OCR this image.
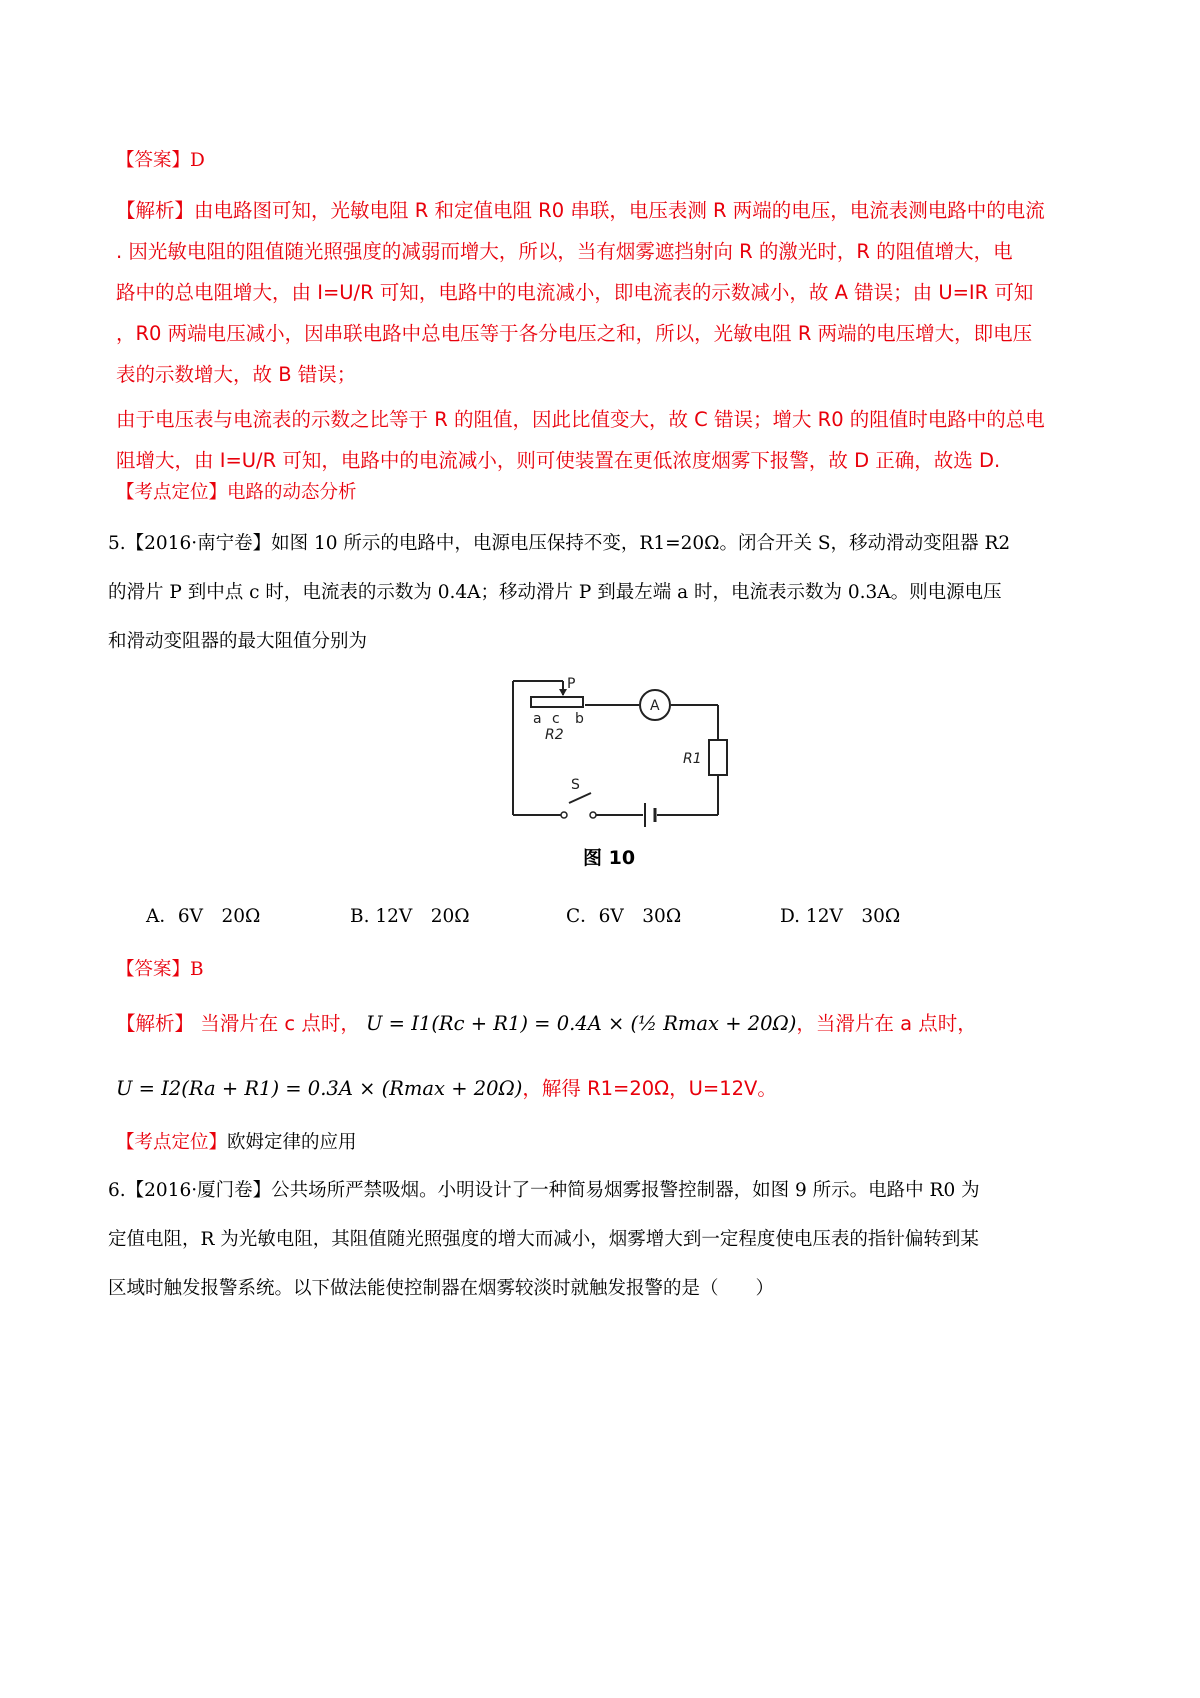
【答案】D
【解析】由电路图可知，光敏电阻 R 和定值电阻 R0 串联，电压表测 R 两端的电压，电流表测电路中的电流
. 因光敏电阻的阻值随光照强度的减弱而增大，所以，当有烟雾遮挡射向 R 的激光时，R 的阻值增大，电
路中的总电阻增大，由 I=U/R 可知，电路中的电流减小，即电流表的示数减小，故 A 错误；由 U=IR 可知
，R0 两端电压减小，因串联电路中总电压等于各分电压之和，所以，光敏电阻 R 两端的电压增大，即电压
表的示数增大，故 B 错误；
由于电压表与电流表的示数之比等于 R 的阻值，因此比值变大，故 C 错误；增大 R0 的阻值时电路中的总电
阻增大，由 I=U/R 可知，电路中的电流减小，则可使装置在更低浓度烟雾下报警，故 D 正确，故选 D.
【考点定位】电路的动态分析
5.【2016·南宁卷】如图 10 所示的电路中，电源电压保持不变，R1=20Ω。闭合开关 S，移动滑动变阻器 R2
的滑片 P 到中点 c 时，电流表的示数为 0.4A；移动滑片 P 到最左端 a 时，电流表示数为 0.3A。则电源电压
和滑动变阻器的最大阻值分别为
P
a c b
R2
A
R1
S
图 10
A．6V　20Ω	B. 12V　20Ω	C．6V　30Ω	D. 12V　30Ω
【答案】B
【解析】 当滑片在 c 点时， U = I1(Rc + R1) = 0.4A × (½ Rmax + 20Ω)，当滑片在 a 点时，
U = I2(Ra + R1) = 0.3A × (Rmax + 20Ω)，解得 R1=20Ω，U=12V。
【考点定位】欧姆定律的应用
6.【2016·厦门卷】公共场所严禁吸烟。小明设计了一种简易烟雾报警控制器，如图 9 所示。电路中 R0 为
定值电阻，R 为光敏电阻，其阻值随光照强度的增大而减小，烟雾增大到一定程度使电压表的指针偏转到某
区域时触发报警系统。以下做法能使控制器在烟雾较淡时就触发报警的是（　　）
